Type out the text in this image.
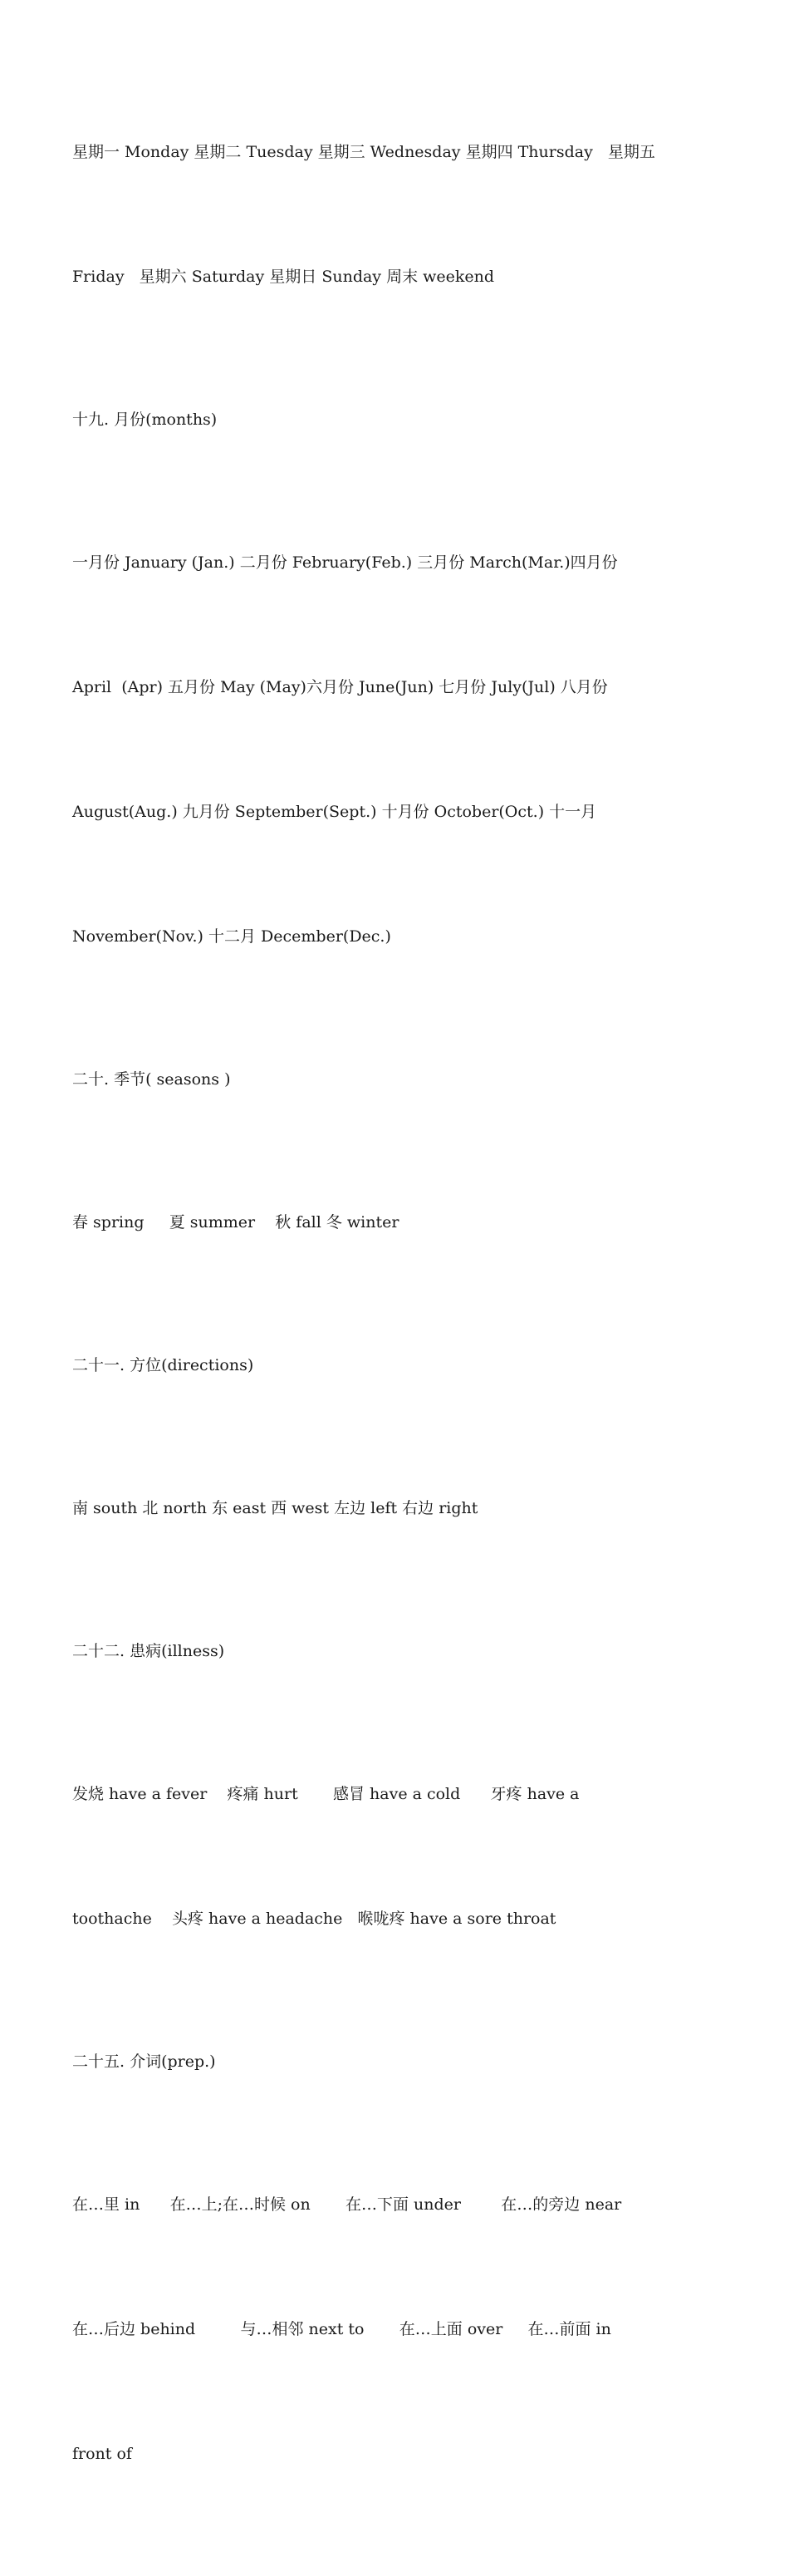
星期一 Monday 星期二 Tuesday 星期三 Wednesday 星期四 Thursday   星期五

Friday   星期六 Saturday 星期日 Sunday 周末 weekend

十九. 月份(months)

一月份 January (Jan.) 二月份 February(Feb.) 三月份 March(Mar.)四月份

April  (Apr) 五月份 May (May)六月份 June(Jun) 七月份 July(Jul) 八月份

August(Aug.) 九月份 September(Sept.) 十月份 October(Oct.) 十一月

November(Nov.) 十二月 December(Dec.)

二十. 季节( seasons )

春 spring     夏 summer    秋 fall 冬 winter

二十一. 方位(directions)

南 south 北 north 东 east 西 west 左边 left 右边 right

二十二. 患病(illness)

发烧 have a fever    疼痛 hurt       感冒 have a cold      牙疼 have a

toothache    头疼 have a headache   喉咙疼 have a sore throat

二十五. 介词(prep.)

在…里 in      在…上;在…时候 on       在…下面 under        在…的旁边 near

在…后边 behind         与…相邻 next to       在…上面 over     在…前面 in

front of
